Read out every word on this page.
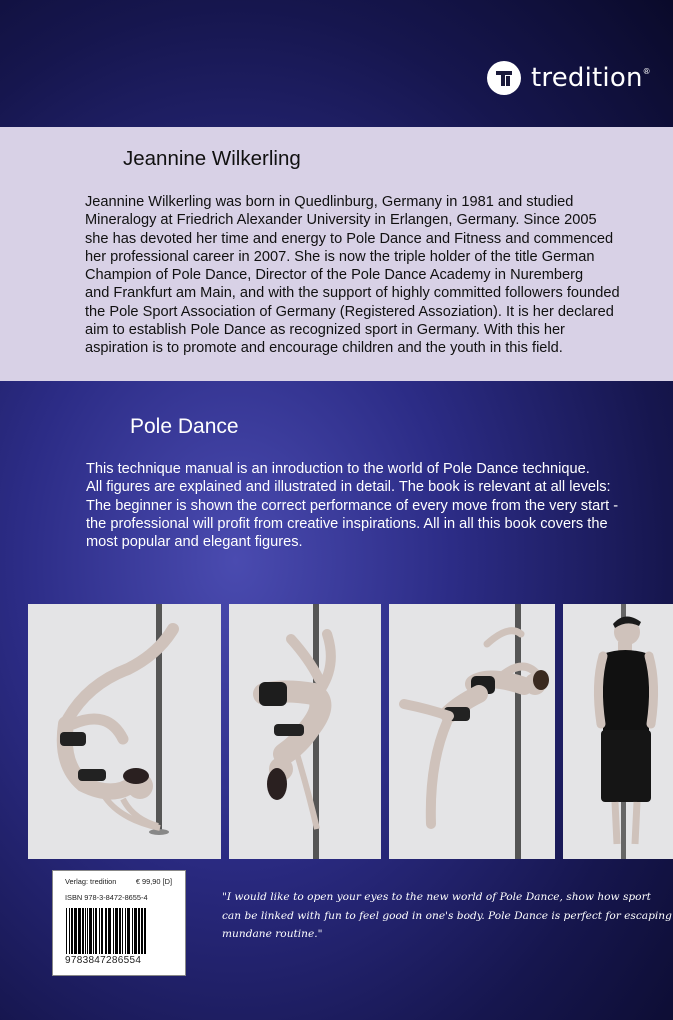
tredition®
Jeannine Wilkerling
Jeannine Wilkerling was born in Quedlinburg, Germany in 1981 and studied
Mineralogy at Friedrich Alexander University in Erlangen, Germany. Since 2005
she has devoted her time and energy to Pole Dance and Fitness and commenced
her professional career in 2007. She is now the triple holder of the title German
Champion of Pole Dance, Director of the Pole Dance Academy in Nuremberg
and Frankfurt am Main, and with the support of highly committed followers founded
the Pole Sport Association of Germany (Registered Assoziation). It is her declared
aim to establish Pole Dance as recognized sport in Germany. With this her
aspiration is to promote and encourage children and the youth in this field.
Pole Dance
This technique manual is an inroduction to the world of Pole Dance technique.
All figures are explained and illustrated in detail. The book is relevant at all levels:
The beginner is shown the correct performance of every move from the very start -
the professional will profit from creative inspirations. All in all this book covers the
most popular and elegant figures.
Verlag: tredition	€ 99,90 [D]
ISBN 978-3-8472-8655-4
9783847286554
"I would like to open your eyes to the new world of Pole Dance, show how sport
can be linked with fun to feel good in one's body. Pole Dance is perfect for escaping
mundane routine."
